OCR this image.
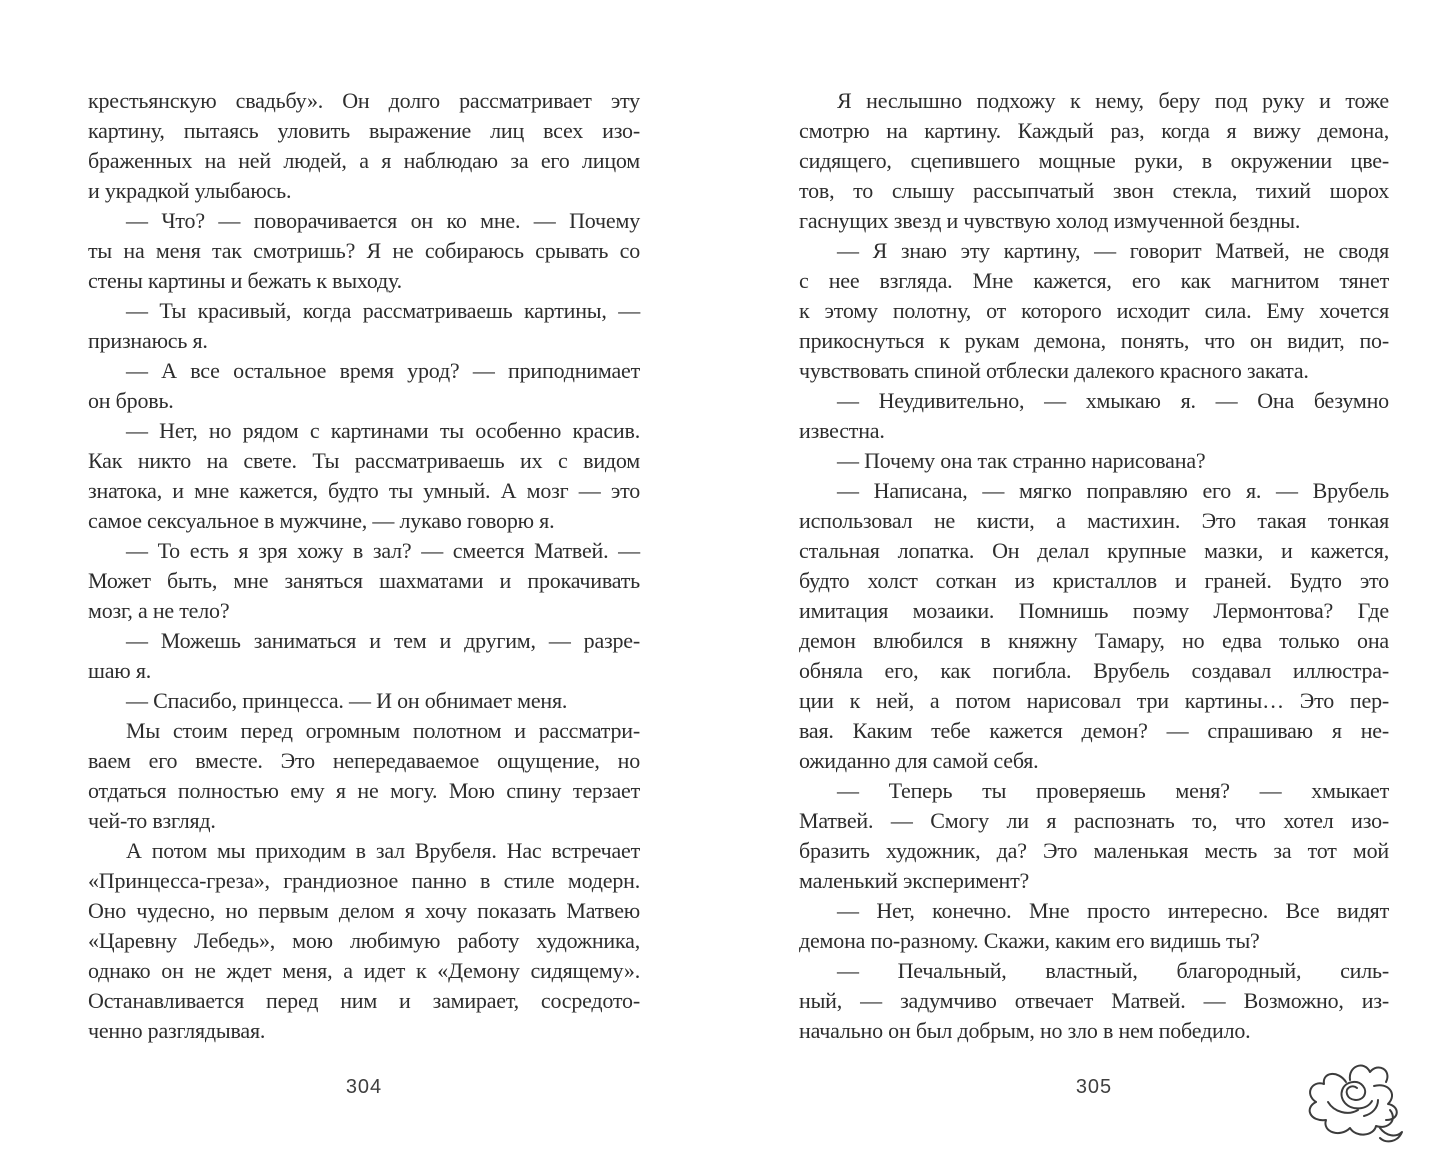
крестьянскую свадьбу». Он долго рассматривает эту
картину, пытаясь уловить выражение лиц всех изо-
браженных на ней людей, а я наблюдаю за его лицом
и украдкой улыбаюсь.
— Что? — поворачивается он ко мне. — Почему
ты на меня так смотришь? Я не собираюсь срывать со
стены картины и бежать к выходу.
— Ты красивый, когда рассматриваешь картины, —
признаюсь я.
— А все остальное время урод? — приподнимает
он бровь.
— Нет, но рядом с картинами ты особенно красив.
Как никто на свете. Ты рассматриваешь их с видом
знатока, и мне кажется, будто ты умный. А мозг — это
самое сексуальное в мужчине, — лукаво говорю я.
— То есть я зря хожу в зал? — смеется Матвей. —
Может быть, мне заняться шахматами и прокачивать
мозг, а не тело?
— Можешь заниматься и тем и другим, — разре-
шаю я.
— Спасибо, принцесса. — И он обнимает меня.
Мы стоим перед огромным полотном и рассматри-
ваем его вместе. Это непередаваемое ощущение, но
отдаться полностью ему я не могу. Мою спину терзает
чей-то взгляд.
А потом мы приходим в зал Врубеля. Нас встречает
«Принцесса-греза», грандиозное панно в стиле модерн.
Оно чудесно, но первым делом я хочу показать Матвею
«Царевну Лебедь», мою любимую работу художника,
однако он не ждет меня, а идет к «Демону сидящему».
Останавливается перед ним и замирает, сосредото-
ченно разглядывая.
Я неслышно подхожу к нему, беру под руку и тоже
смотрю на картину. Каждый раз, когда я вижу демона,
сидящего, сцепившего мощные руки, в окружении цве-
тов, то слышу рассыпчатый звон стекла, тихий шорох
гаснущих звезд и чувствую холод измученной бездны.
— Я знаю эту картину, — говорит Матвей, не сводя
с нее взгляда. Мне кажется, его как магнитом тянет
к этому полотну, от которого исходит сила. Ему хочется
прикоснуться к рукам демона, понять, что он видит, по-
чувствовать спиной отблески далекого красного заката.
— Неудивительно, — хмыкаю я. — Она безумно
известна.
— Почему она так странно нарисована?
— Написана, — мягко поправляю его я. — Врубель
использовал не кисти, а мастихин. Это такая тонкая
стальная лопатка. Он делал крупные мазки, и кажется,
будто холст соткан из кристаллов и граней. Будто это
имитация мозаики. Помнишь поэму Лермонтова? Где
демон влюбился в княжну Тамару, но едва только она
обняла его, как погибла. Врубель создавал иллюстра-
ции к ней, а потом нарисовал три картины… Это пер-
вая. Каким тебе кажется демон? — спрашиваю я не-
ожиданно для самой себя.
— Теперь ты проверяешь меня? — хмыкает
Матвей. — Смогу ли я распознать то, что хотел изо-
бразить художник, да? Это маленькая месть за тот мой
маленький эксперимент?
— Нет, конечно. Мне просто интересно. Все видят
демона по-разному. Скажи, каким его видишь ты?
— Печальный, властный, благородный, силь-
ный, — задумчиво отвечает Матвей. — Возможно, из-
начально он был добрым, но зло в нем победило.
304	305
